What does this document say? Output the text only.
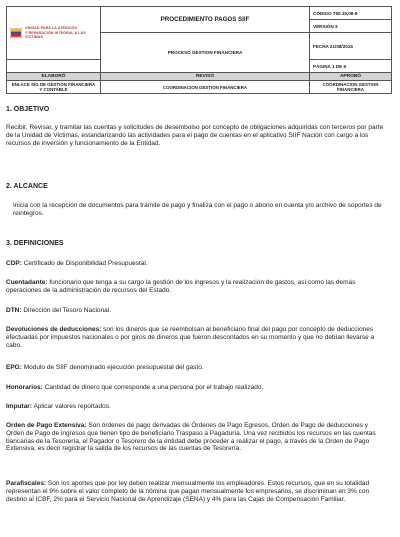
UNIDAD PARA LA ATENCIÓN
Y REPARACIÓN INTEGRAL A LAS VÍCTIMAS	PROCEDIMIENTO PAGOS SIIF	CÓDIGO 750.15,08-8
		VERSIÓN 3
	PROCESO GESTION FINANCIERA	FECHA 21/08/2015
		PÁGINA 1 DE 6
ELABORÓ	REVISÓ	APROBÓ
ENLACE SIG DE GESTION FINANCIERA Y CONTABLE	COORDINACION GESTION FINANCIERA	COORDINACION GESTION FINANCIERA
1. OBJETIVO

Recibir, Revisar, y tramitar las cuentas y solicitudes de desembolso por concepto de obligaciones adquiridas con terceros por parte de la Unidad de Victimas, estandarizando las actividades para el pago de cuentas en el aplicativo SIIF Nación con cargo a los recursos de inversión y funcionamiento de la Entidad.

2. ALCANCE

Inicia con la recepción de documentos para trámite de pago y finaliza con el pago o abono en cuenta y/o archivo de soportes de reintegros.

3. DEFINICIONES

CDP: Certificado de Disponibilidad Presupuestal.

Cuentadante: funcionario que tenga a su cargo la gestión de los ingresos y la realización de gastos, así como las demás operaciones de la administración de recursos del Estado.

DTN: Dirección del Tesoro Nacional.

Devoluciones de deducciones: son los dineros que se reembolsan al beneficiario final del pago por concepto de deducciones efectuadas por impuestos nacionales o por giros de dineros que fueron descontados en su momento y que no debían llevarse a cabo.

EPG: Modulo de SIIF denominado ejecución presupuestal del gasto.

Honorarios: Cantidad de dinero que corresponde a una persona por el trabajo realizado.

Imputar: Aplicar valores reportados.

Orden de Pago Extensiva: Son órdenes de pago derivadas de Órdenes de Pago Egresos, Orden de Pago de deducciones y Orden de Pago de ingresos que tienen tipo de beneficiario Traspaso a Pagaduría. Una vez recibidos los recursos en las cuentas bancarias de la Tesorería, el Pagador o Tesorero de la entidad debe proceder a realizar el pago, a través de la Orden de Pago Extensiva, es decir registrar la salida de los recursos de las cuentas de Tesorería.

Parafiscales: Son los aportes que por ley deben realizar mensualmente los empleadores. Estos recursos, que en su totalidad representan el 9% sobre el valor completo de la nómina que pagan mensualmente los empresarios, se discriminan en 3% con destino al ICBF, 2% para el Servicio Nacional de Aprendizaje (SENA) y 4% para las Cajas de Compensación Familiar.
